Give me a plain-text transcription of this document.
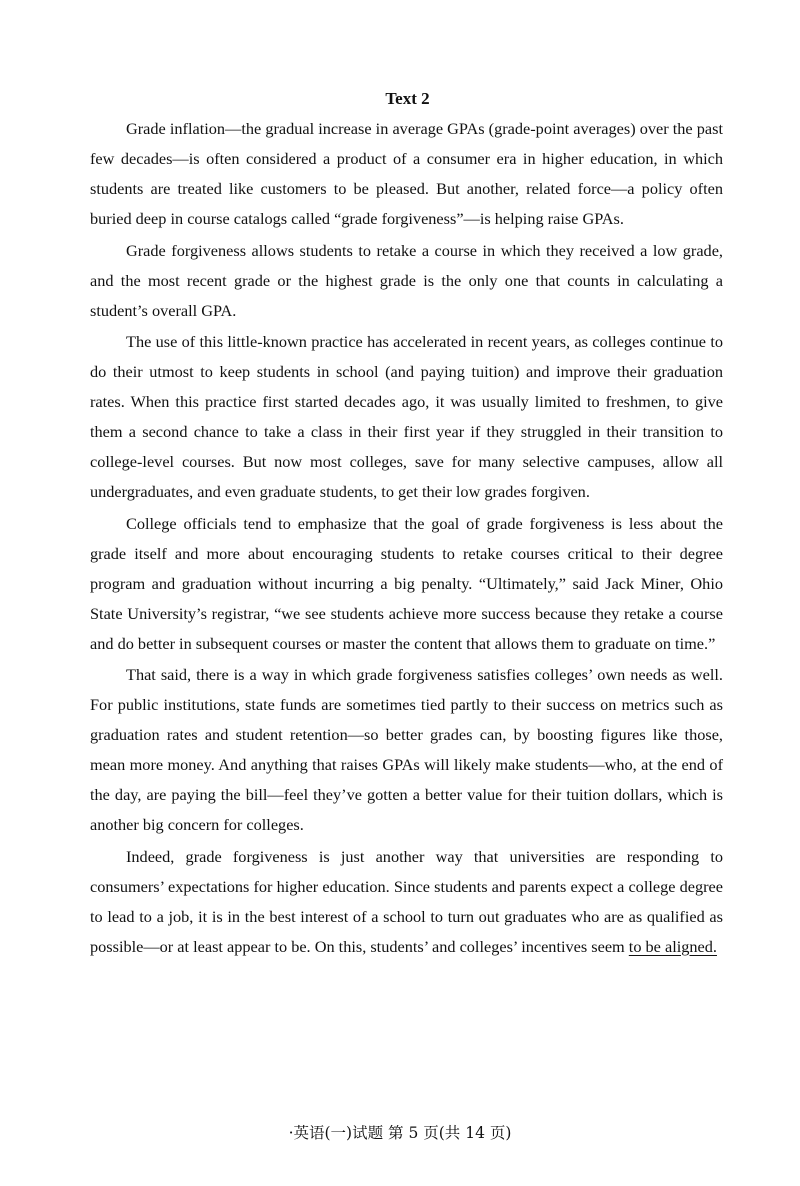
Text 2

Grade inflation—the gradual increase in average GPAs (grade-point averages) over the past few decades—is often considered a product of a consumer era in higher education, in which students are treated like customers to be pleased. But another, related force—a policy often buried deep in course catalogs called “grade forgiveness”—is helping raise GPAs.

Grade forgiveness allows students to retake a course in which they received a low grade, and the most recent grade or the highest grade is the only one that counts in calculating a student’s overall GPA.

The use of this little-known practice has accelerated in recent years, as colleges continue to do their utmost to keep students in school (and paying tuition) and improve their graduation rates. When this practice first started decades ago, it was usually limited to freshmen, to give them a second chance to take a class in their first year if they struggled in their transition to college-level courses. But now most colleges, save for many selective campuses, allow all undergraduates, and even graduate students, to get their low grades forgiven.

College officials tend to emphasize that the goal of grade forgiveness is less about the grade itself and more about encouraging students to retake courses critical to their degree program and graduation without incurring a big penalty. “Ultimately,” said Jack Miner, Ohio State University’s registrar, “we see students achieve more success because they retake a course and do better in subsequent courses or master the content that allows them to graduate on time.”

That said, there is a way in which grade forgiveness satisfies colleges’ own needs as well. For public institutions, state funds are sometimes tied partly to their success on metrics such as graduation rates and student retention—so better grades can, by boosting figures like those, mean more money. And anything that raises GPAs will likely make students—who, at the end of the day, are paying the bill—feel they’ve gotten a better value for their tuition dollars, which is another big concern for colleges.

Indeed, grade forgiveness is just another way that universities are responding to consumers’ expectations for higher education. Since students and parents expect a college degree to lead to a job, it is in the best interest of a school to turn out graduates who are as qualified as possible—or at least appear to be. On this, students’ and colleges’ incentives seem to be aligned.

·英语(一)试题 第 5 页(共 14 页)
